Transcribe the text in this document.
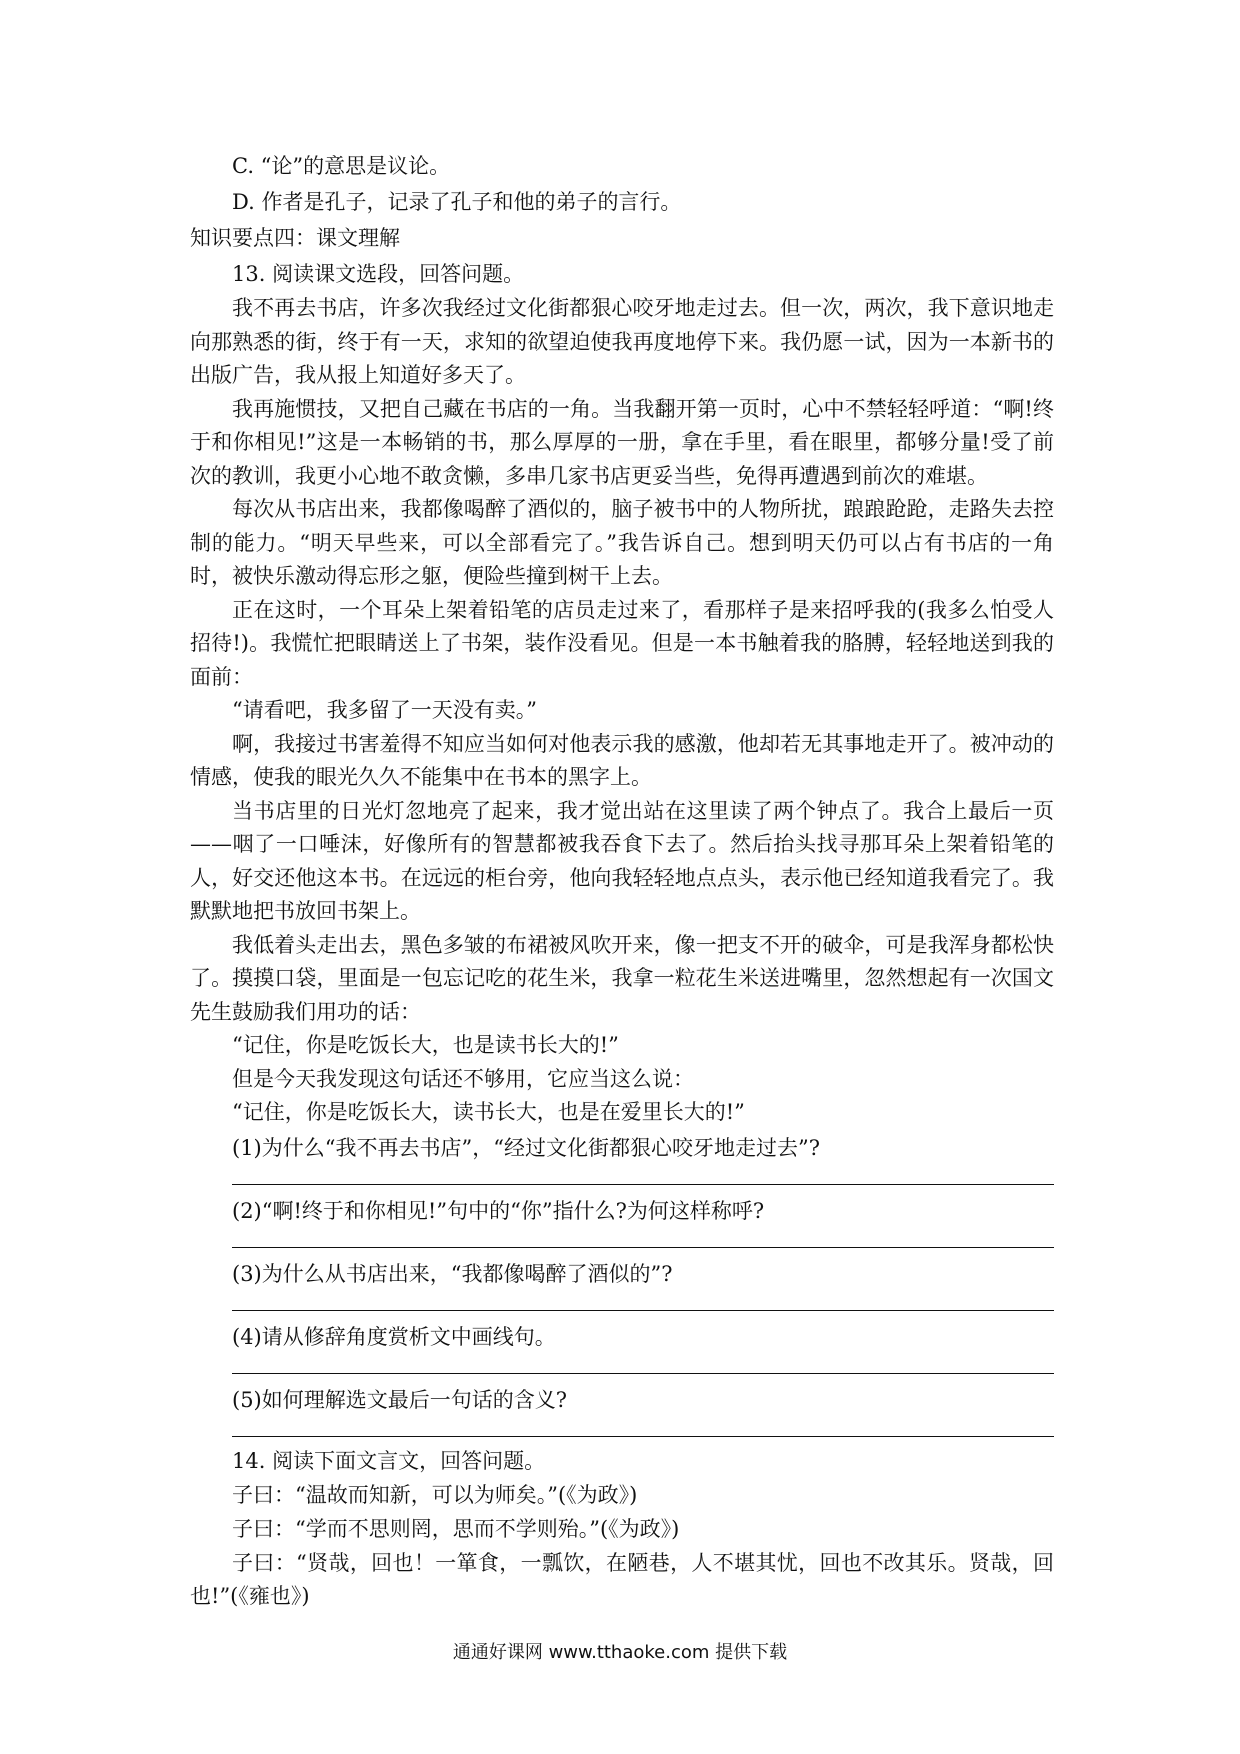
C. “论”的意思是议论。

D. 作者是孔子，记录了孔子和他的弟子的言行。

知识要点四：课文理解

13. 阅读课文选段，回答问题。

我不再去书店，许多次我经过文化街都狠心咬牙地走过去。但一次，两次，我下意识地走向那熟悉的街，终于有一天，求知的欲望迫使我再度地停下来。我仍愿一试，因为一本新书的出版广告，我从报上知道好多天了。

我再施惯技，又把自己藏在书店的一角。当我翻开第一页时，心中不禁轻轻呼道：“啊!终于和你相见!”这是一本畅销的书，那么厚厚的一册，拿在手里，看在眼里，都够分量!受了前次的教训，我更小心地不敢贪懒，多串几家书店更妥当些，免得再遭遇到前次的难堪。

每次从书店出来，我都像喝醉了酒似的，脑子被书中的人物所扰，踉踉跄跄，走路失去控制的能力。“明天早些来，可以全部看完了。”我告诉自己。想到明天仍可以占有书店的一角时，被快乐激动得忘形之躯，便险些撞到树干上去。

正在这时，一个耳朵上架着铅笔的店员走过来了，看那样子是来招呼我的(我多么怕受人招待!)。我慌忙把眼睛送上了书架，装作没看见。但是一本书触着我的胳膊，轻轻地送到我的面前：

“请看吧，我多留了一天没有卖。”

啊，我接过书害羞得不知应当如何对他表示我的感激，他却若无其事地走开了。被冲动的情感，使我的眼光久久不能集中在书本的黑字上。

当书店里的日光灯忽地亮了起来，我才觉出站在这里读了两个钟点了。我合上最后一页——咽了一口唾沫，好像所有的智慧都被我吞食下去了。然后抬头找寻那耳朵上架着铅笔的人，好交还他这本书。在远远的柜台旁，他向我轻轻地点点头，表示他已经知道我看完了。我默默地把书放回书架上。

我低着头走出去，黑色多皱的布裙被风吹开来，像一把支不开的破伞，可是我浑身都松快了。摸摸口袋，里面是一包忘记吃的花生米，我拿一粒花生米送进嘴里，忽然想起有一次国文先生鼓励我们用功的话：

“记住，你是吃饭长大，也是读书长大的!”

但是今天我发现这句话还不够用，它应当这么说：

“记住，你是吃饭长大，读书长大，也是在爱里长大的!”

(1)为什么“我不再去书店”，“经过文化街都狠心咬牙地走过去”?

(2)“啊!终于和你相见!”句中的“你”指什么?为何这样称呼?

(3)为什么从书店出来，“我都像喝醉了酒似的”?

(4)请从修辞角度赏析文中画线句。

(5)如何理解选文最后一句话的含义?

14. 阅读下面文言文，回答问题。

子曰：“温故而知新，可以为师矣。”(《为政》)

子曰：“学而不思则罔，思而不学则殆。”(《为政》)

子曰：“贤哉，回也！一箪食，一瓢饮，在陋巷，人不堪其忧，回也不改其乐。贤哉，回也!”(《雍也》)

通通好课网 www.tthaoke.com 提供下载
